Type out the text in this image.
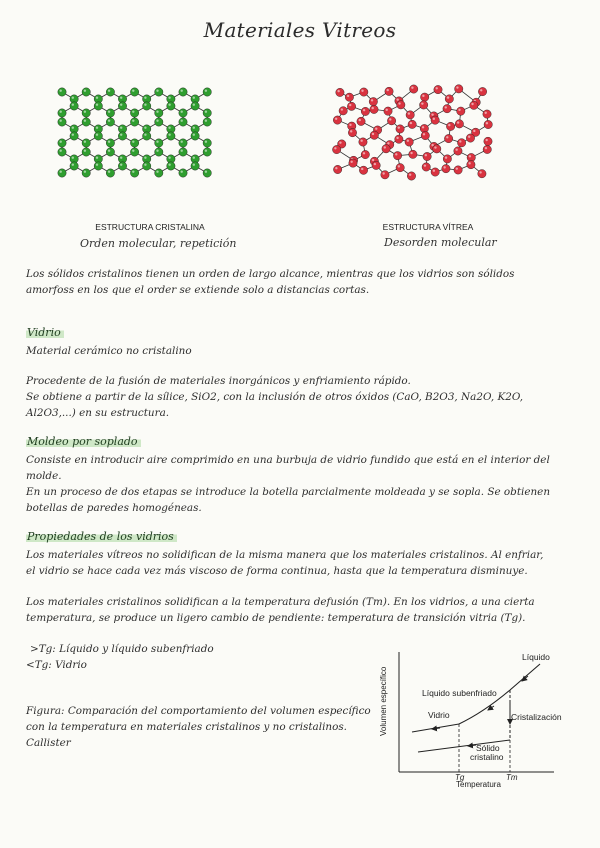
Materiales Vitreos
ESTRUCTURA CRISTALINA
Orden molecular, repetición
ESTRUCTURA VÍTREA
Desorden molecular
Los sólidos cristalinos tienen un orden de largo alcance, mientras que los vidrios son sólidos amorfoss en los que el order se extiende solo a distancias cortas.
Vidrio
Material cerámico no cristalino
Procedente de la fusión de materiales inorgánicos y enfriamiento rápido.
Se obtiene a partir de la sílice, SiO2, con la inclusión de otros óxidos (CaO, B2O3, Na2O, K2O, Al2O3,...) en su estructura.
Moldeo por soplado
Consiste en introducir aire comprimido en una burbuja de vidrio fundido que está en el interior del molde.
En un proceso de dos etapas se introduce la botella parcialmente moldeada y se sopla. Se obtienen botellas de paredes homogéneas.
Propiedades de los vidrios
Los materiales vítreos no solidifican de la misma manera que los materiales cristalinos. Al enfriar, el vidrio se hace cada vez más viscoso de forma continua, hasta que la temperatura disminuye.
Los materiales cristalinos solidifican a la temperatura defusión (Tm). En los vidrios, a una cierta temperatura, se produce un ligero cambio de pendiente: temperatura de transición vitria (Tg).
>Tg: Líquido y líquido subenfriado
<Tg: Vidrio
Figura: Comparación del comportamiento del volumen específico con la temperatura en materiales cristalinos y no cristalinos. Callister
Volumen específico
Temperatura
Líquido
Líquido subenfriado
Vidrio	Cristalización
Sólido
cristalino
Tg	Tm
